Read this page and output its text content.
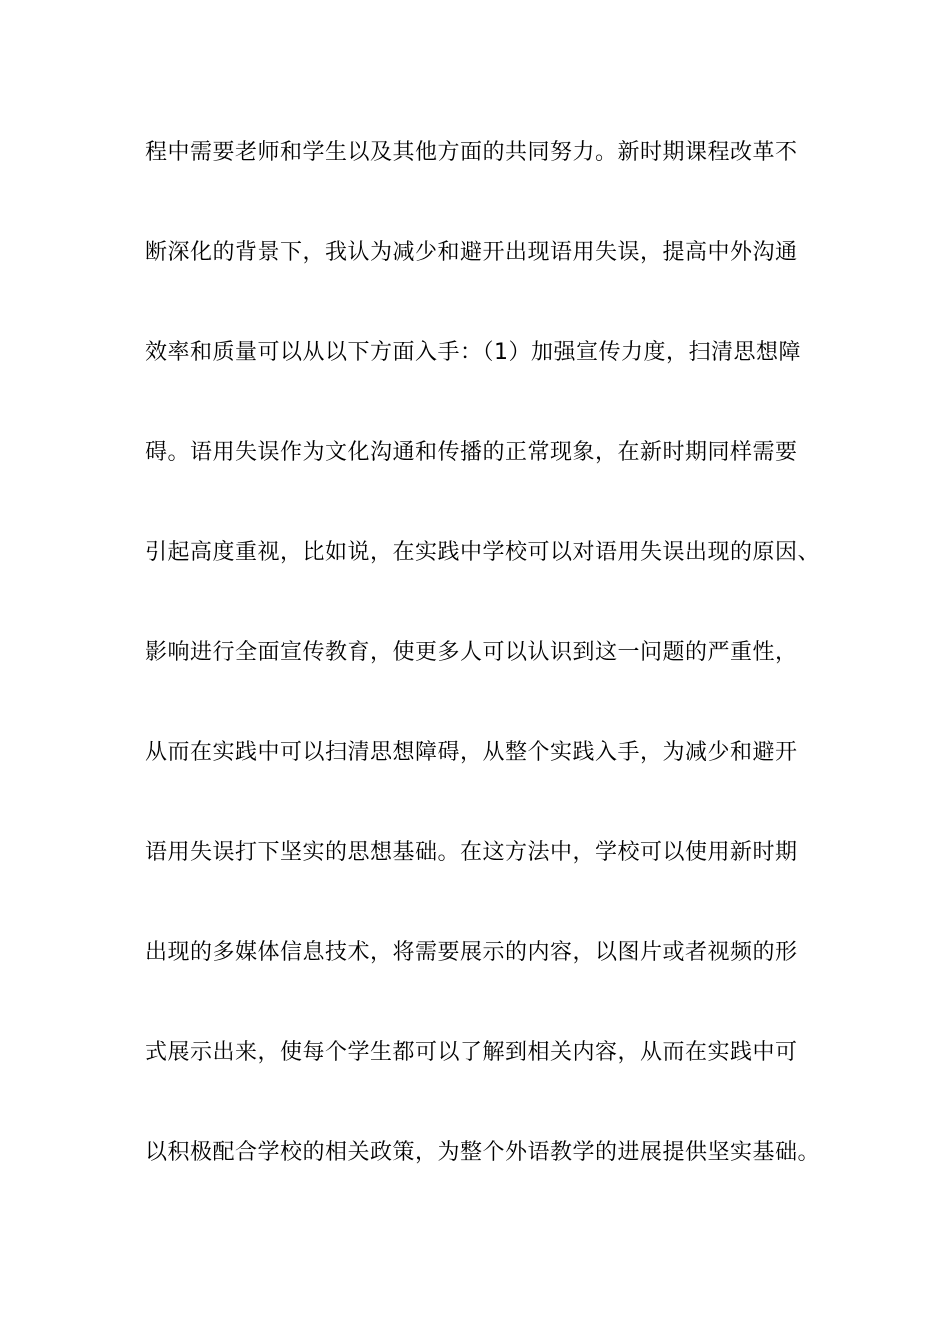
程中需要老师和学生以及其他方面的共同努力。新时期课程改革不
断深化的背景下，我认为减少和避开出现语用失误，提高中外沟通
效率和质量可以从以下方面入手：（1）加强宣传力度，扫清思想障
碍。语用失误作为文化沟通和传播的正常现象，在新时期同样需要
引起高度重视，比如说，在实践中学校可以对语用失误出现的原因、
影响进行全面宣传教育，使更多人可以认识到这一问题的严重性，
从而在实践中可以扫清思想障碍，从整个实践入手，为减少和避开
语用失误打下坚实的思想基础。在这方法中，学校可以使用新时期
出现的多媒体信息技术，将需要展示的内容，以图片或者视频的形
式展示出来，使每个学生都可以了解到相关内容，从而在实践中可
以积极配合学校的相关政策，为整个外语教学的进展提供坚实基础。
